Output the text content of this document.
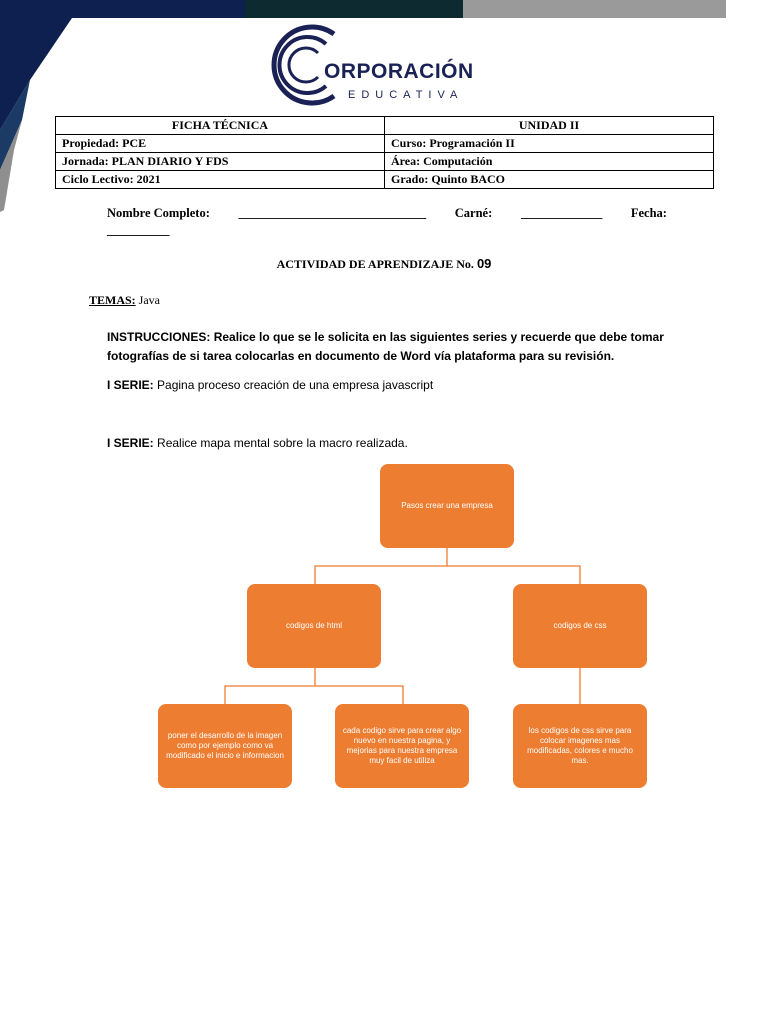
ORPORACIÓN
EDUCATIVA
FICHA TÉCNICA	UNIDAD II
Propiedad: PCE	Curso: Programación II
Jornada: PLAN DIARIO Y FDS	Área: Computación
Ciclo Lectivo: 2021	Grado: Quinto BACO
Nombre Completo: ______________________________ Carné: _____________ Fecha:
__________
ACTIVIDAD DE APRENDIZAJE No. 09
TEMAS: Java
INSTRUCCIONES: Realice lo que se le solicita en las siguientes series y recuerde que debe tomar fotografías de si tarea colocarlas en documento de Word vía plataforma para su revisión.
I SERIE: Pagina proceso creación de una empresa javascript
I SERIE: Realice mapa mental sobre la macro realizada.
Pasos crear una empresa
codigos de html	codigos de css
poner el desarrollo de la imagen como por ejemplo como va modificado el inicio e informacion
cada codigo sirve para crear algo nuevo en nuestra pagina, y mejorias para nuestra empresa muy facil de utiliza
los codigos de css sirve para colocar imagenes mas modificadas, colores e mucho mas.
